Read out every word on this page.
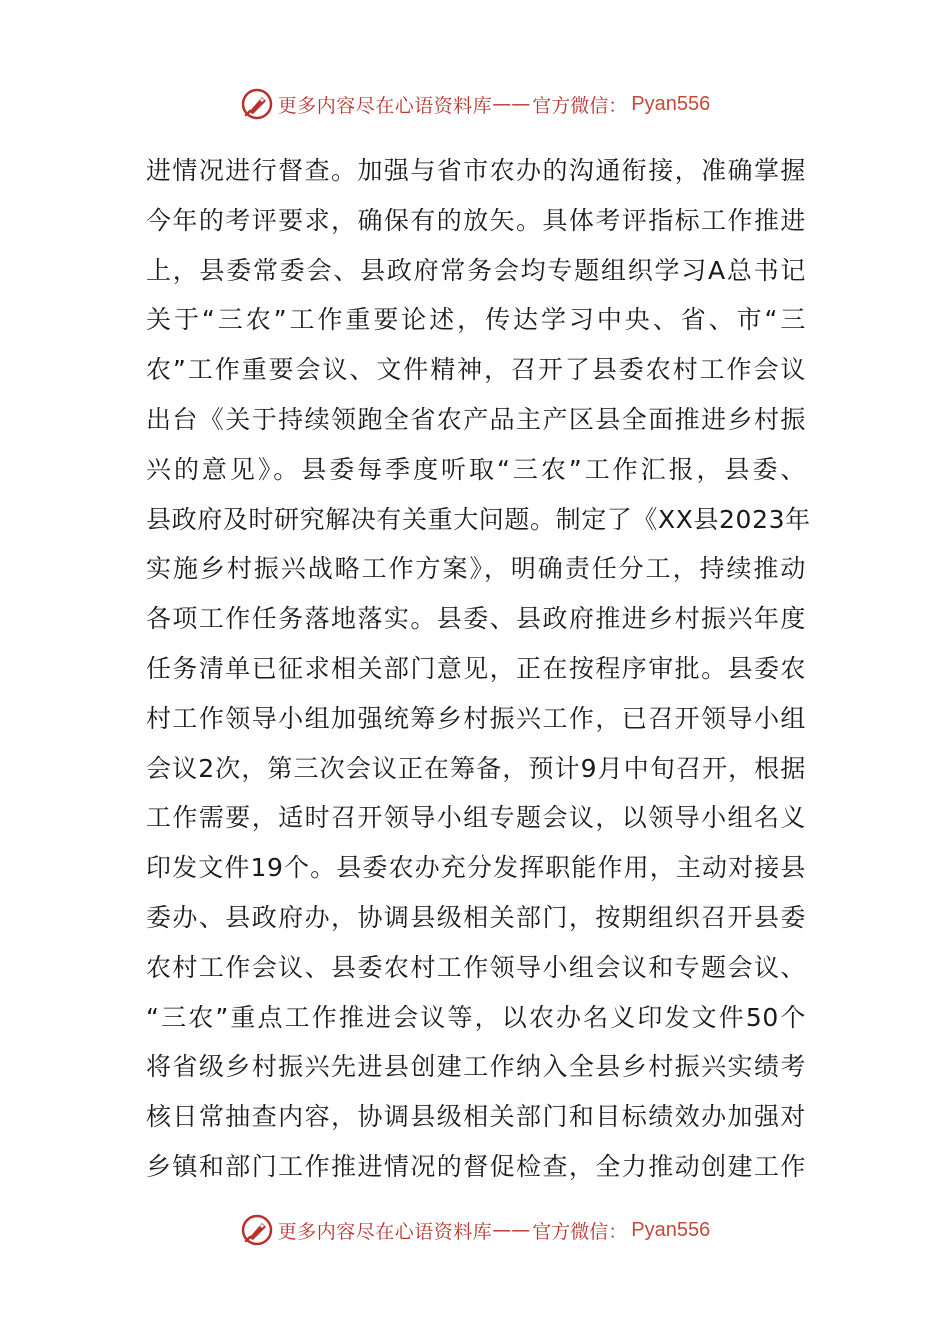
更多内容尽在心语资料库 —— 官方微信： Pyan556
进情况进行督查。加强与省市农办的沟通衔接，准确掌握
今年的考评要求，确保有的放矢。具体考评指标工作推进
上，县委常委会、县政府常务会均专题组织学习A总书记
关于“三农”工作重要论述，传达学习中央、省、市“三
农”工作重要会议、文件精神，召开了县委农村工作会议
出台《关于持续领跑全省农产品主产区县全面推进乡村振
兴的意见》。县委每季度听取“三农”工作汇报，县委、
县政府及时研究解决有关重大问题。制定了《XX县2023年
实施乡村振兴战略工作方案》，明确责任分工，持续推动
各项工作任务落地落实。县委、县政府推进乡村振兴年度
任务清单已征求相关部门意见，正在按程序审批。县委农
村工作领导小组加强统筹乡村振兴工作，已召开领导小组
会议2次，第三次会议正在筹备，预计9月中旬召开，根据
工作需要，适时召开领导小组专题会议，以领导小组名义
印发文件19个。县委农办充分发挥职能作用，主动对接县
委办、县政府办，协调县级相关部门，按期组织召开县委
农村工作会议、县委农村工作领导小组会议和专题会议、
“三农”重点工作推进会议等，以农办名义印发文件50个
将省级乡村振兴先进县创建工作纳入全县乡村振兴实绩考
核日常抽查内容，协调县级相关部门和目标绩效办加强对
乡镇和部门工作推进情况的督促检查，全力推动创建工作
更多内容尽在心语资料库 —— 官方微信： Pyan556
